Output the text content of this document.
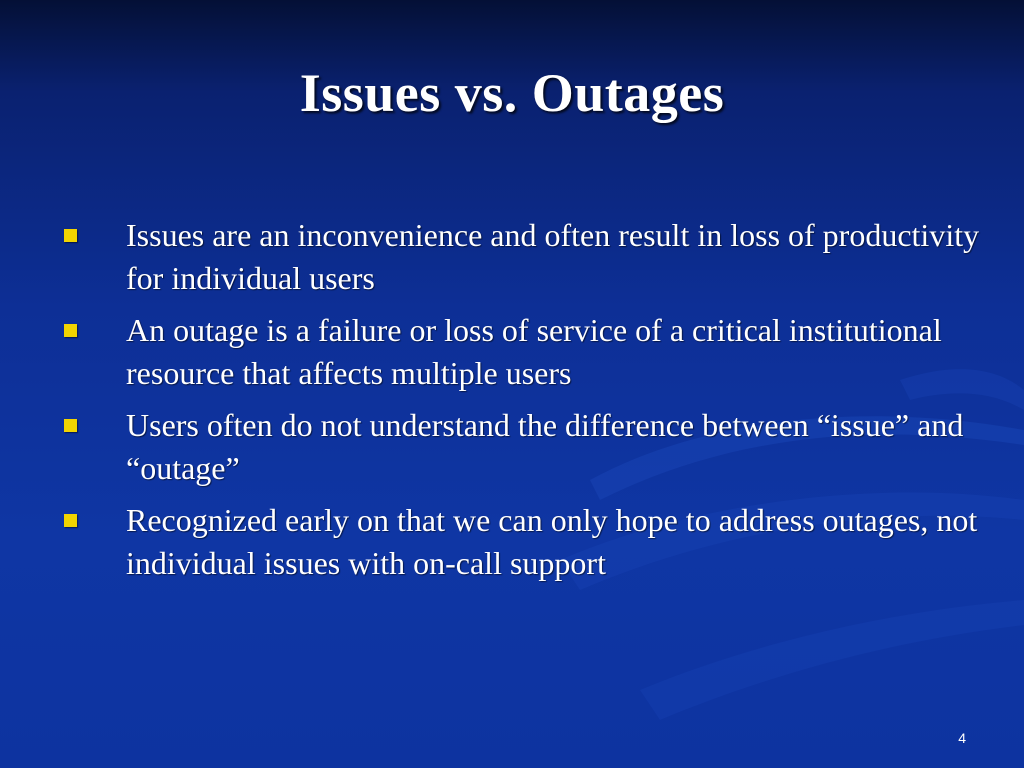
Issues vs. Outages
Issues are an inconvenience and often result in loss of productivity for individual users
An outage is a failure or loss of service of a critical institutional resource that affects multiple users
Users often do not understand the difference between “issue” and “outage”
Recognized early on that we can only hope to address outages, not individual issues with on-call support
4
